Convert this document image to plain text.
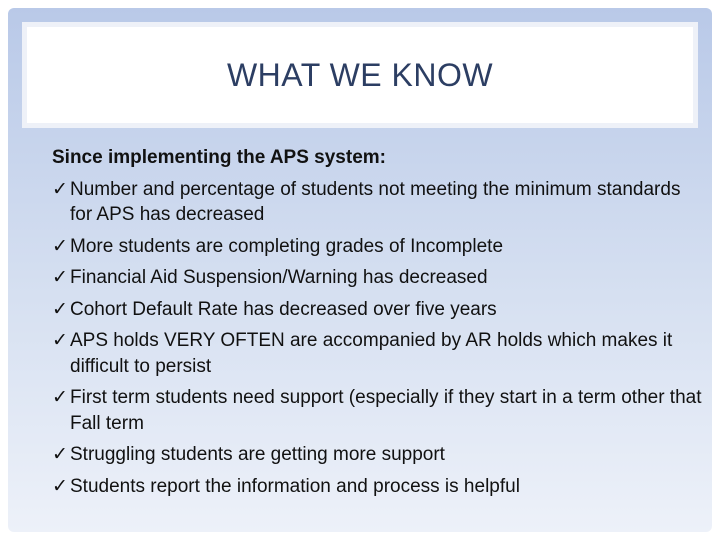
WHAT WE KNOW
Since implementing the APS system:
✓ Number and percentage of students not meeting the minimum standards for APS has decreased
✓ More students are completing grades of Incomplete
✓ Financial Aid Suspension/Warning has decreased
✓ Cohort Default Rate has decreased over five years
✓ APS holds VERY OFTEN are accompanied by AR holds which makes it difficult to persist
✓ First term students need support (especially if they start in a term other that Fall term
✓ Struggling students are getting more support
✓ Students report the information and process is helpful
